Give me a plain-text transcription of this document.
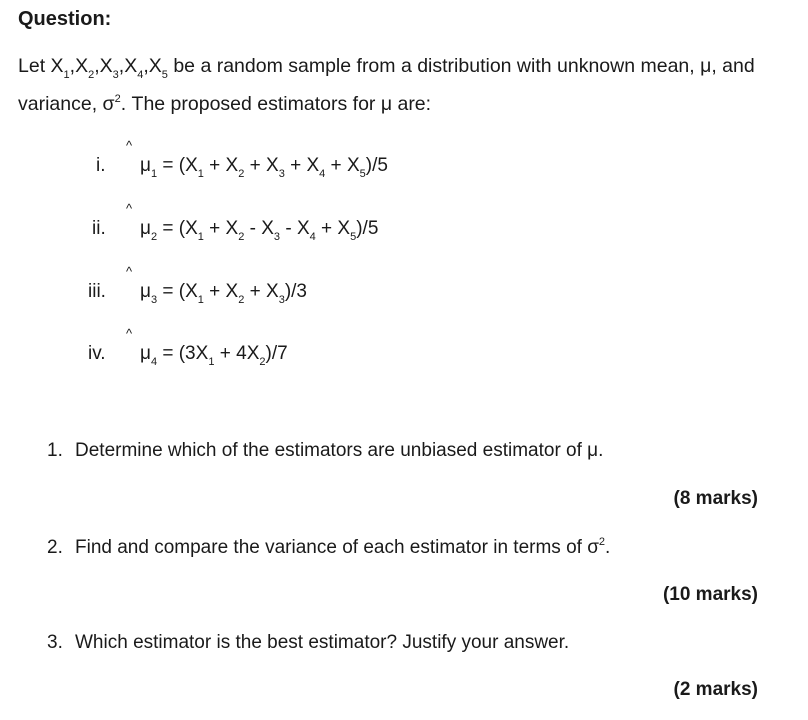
Question:
Let $X_1,X_2,X_3,X_4,X_5$ be a random sample from a distribution with unknown mean, μ, and
variance, $\sigma^2$. The proposed estimators for μ are:
i.
^
$\mu_1 = (X_1 + X_2 + X_3 + X_4 + X_5)/5$
ii.
^
$\mu_2 = (X_1 + X_2 - X_3 - X_4 + X_5)/5$
iii.
^
$\mu_3 = (X_1 + X_2 + X_3)/3$
iv.
^
$\mu_4 = (3X_1 + 4X_2)/7$
1. Determine which of the estimators are unbiased estimator of μ.
(8 marks)
2. Find and compare the variance of each estimator in terms of $\sigma^2$.
(10 marks)
3. Which estimator is the best estimator? Justify your answer.
(2 marks)
